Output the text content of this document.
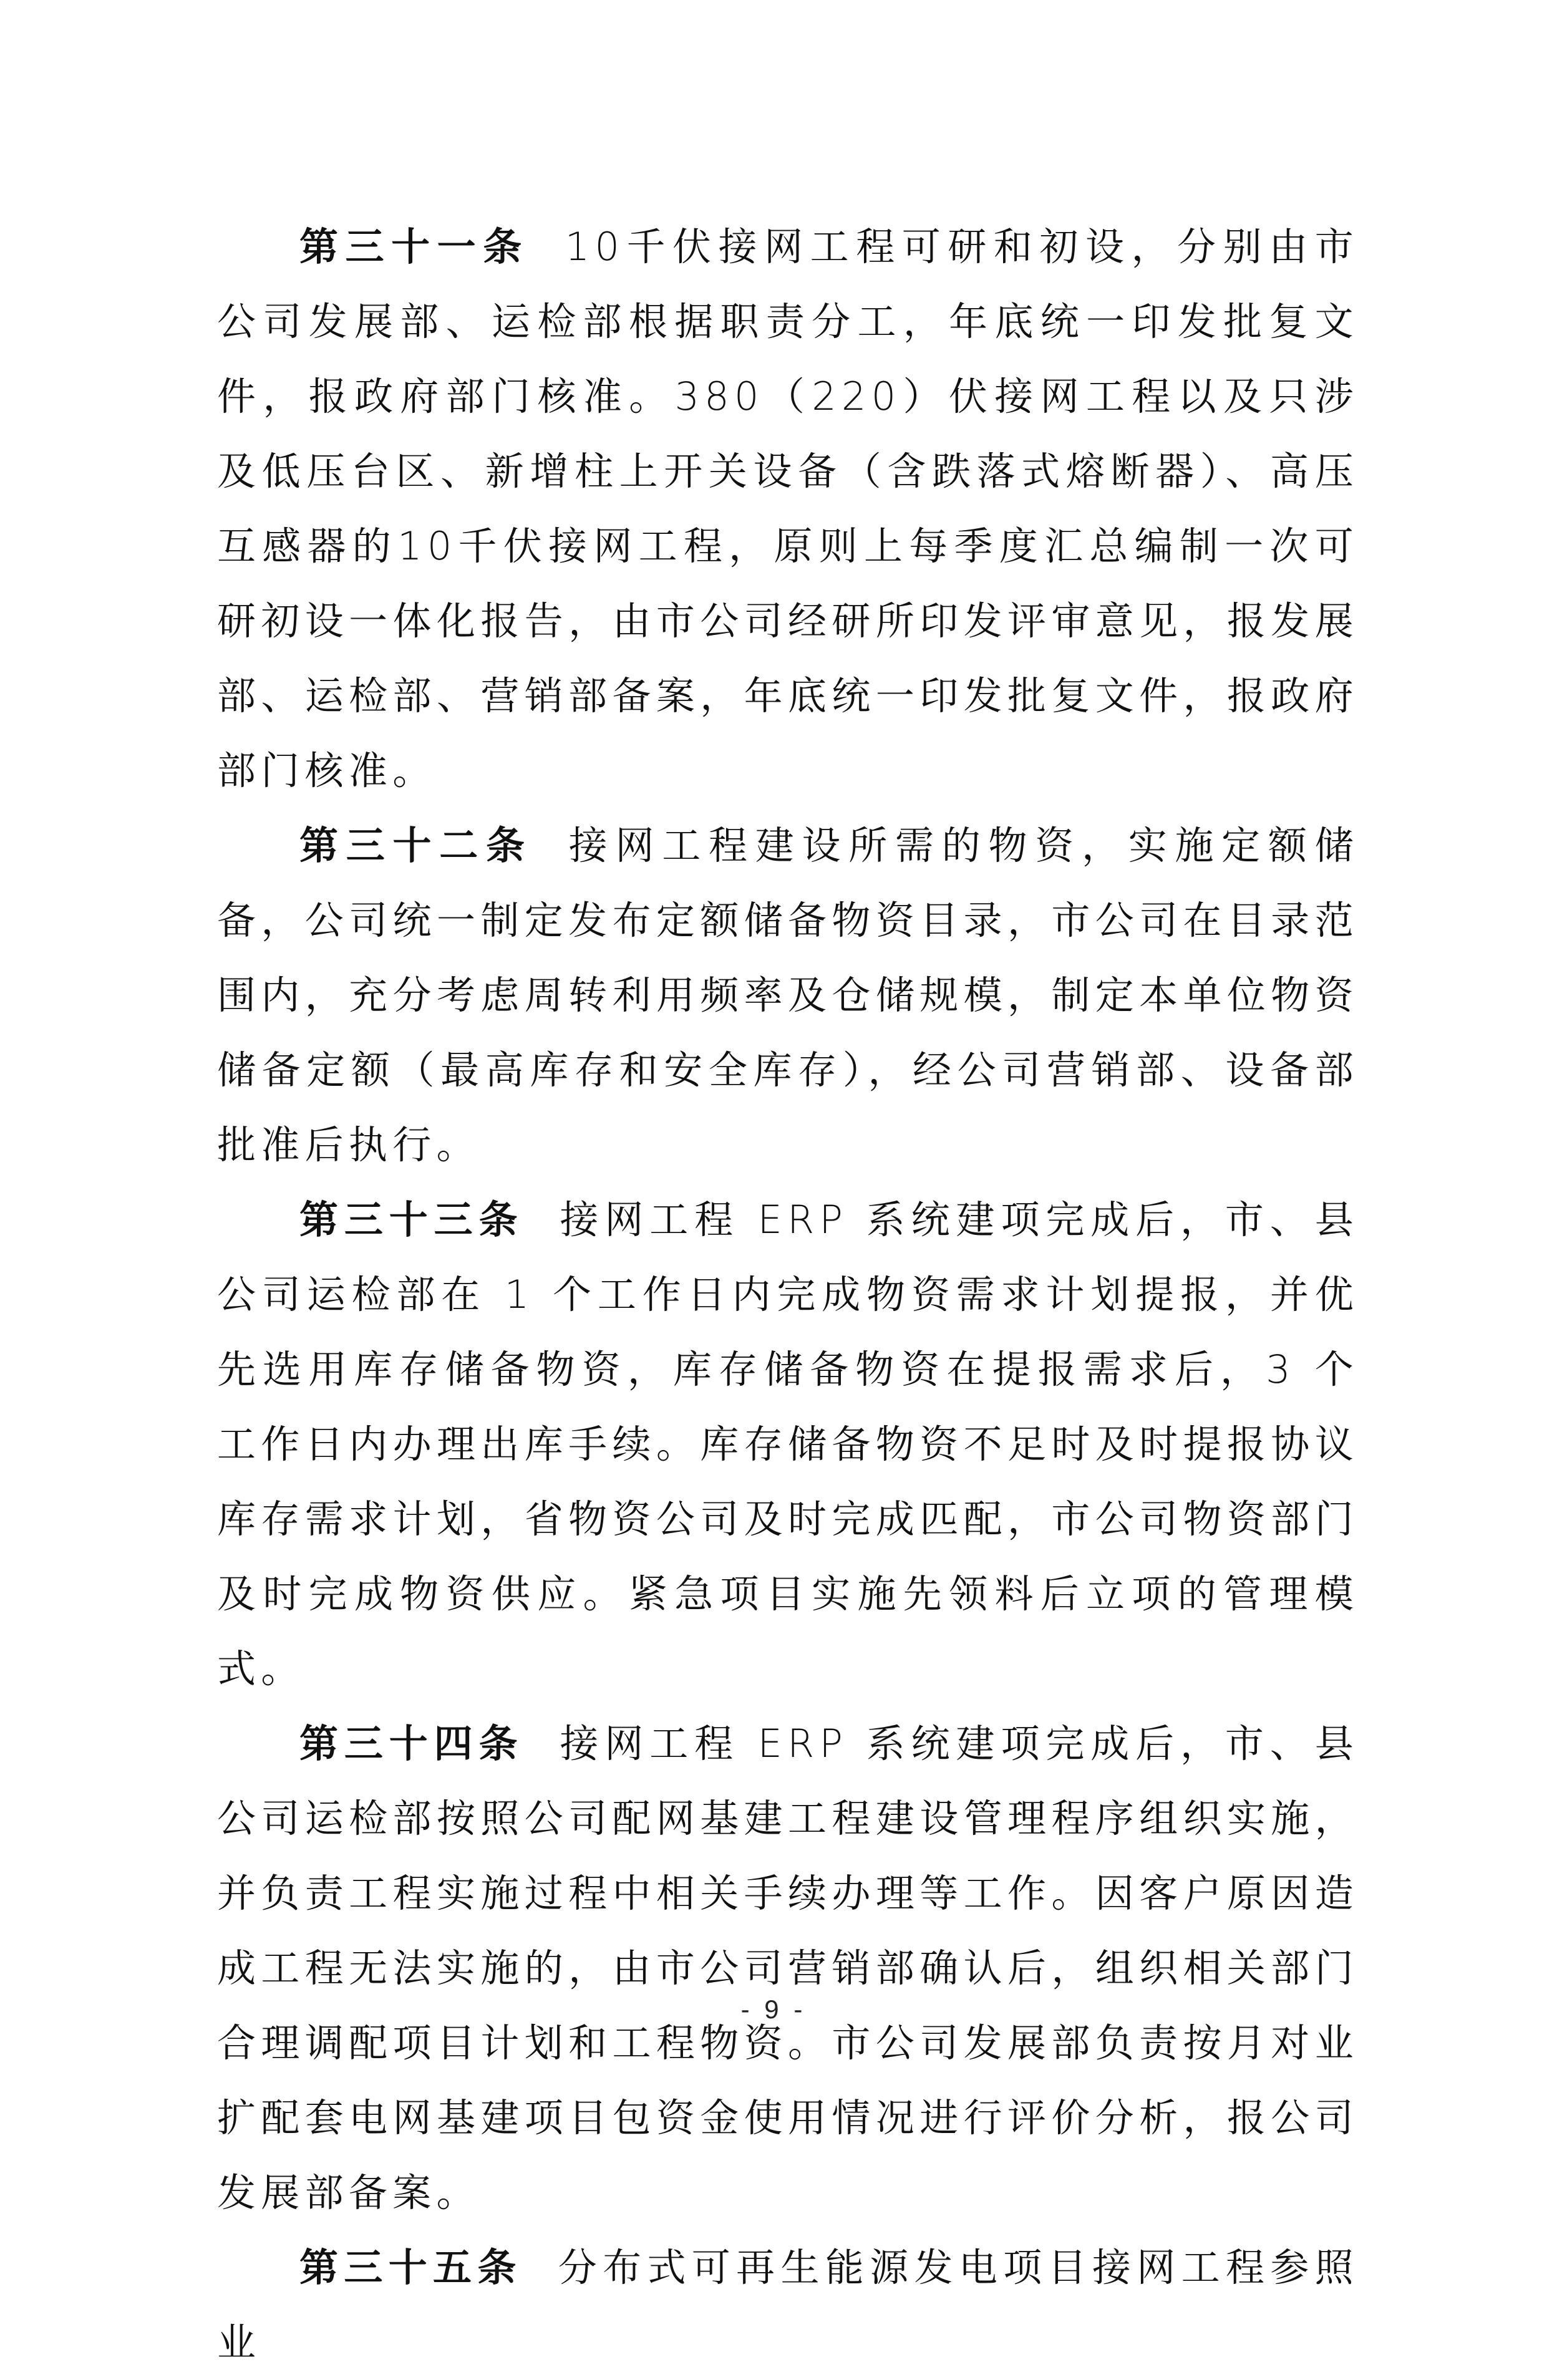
第三十一条 10千伏接网工程可研和初设，分别由市公司发展部、运检部根据职责分工，年底统一印发批复文件，报政府部门核准。380（220）伏接网工程以及只涉及低压台区、新增柱上开关设备（含跌落式熔断器）、高压互感器的10千伏接网工程，原则上每季度汇总编制一次可研初设一体化报告，由市公司经研所印发评审意见，报发展部、运检部、营销部备案，年底统一印发批复文件，报政府部门核准。

第三十二条 接网工程建设所需的物资，实施定额储备，公司统一制定发布定额储备物资目录，市公司在目录范围内，充分考虑周转利用频率及仓储规模，制定本单位物资储备定额（最高库存和安全库存），经公司营销部、设备部批准后执行。

第三十三条 接网工程 ERP 系统建项完成后，市、县公司运检部在 1 个工作日内完成物资需求计划提报，并优先选用库存储备物资，库存储备物资在提报需求后，3 个工作日内办理出库手续。库存储备物资不足时及时提报协议库存需求计划，省物资公司及时完成匹配，市公司物资部门及时完成物资供应。紧急项目实施先领料后立项的管理模式。

第三十四条 接网工程 ERP 系统建项完成后，市、县公司运检部按照公司配网基建工程建设管理程序组织实施，并负责工程实施过程中相关手续办理等工作。因客户原因造成工程无法实施的，由市公司营销部确认后，组织相关部门合理调配项目计划和工程物资。市公司发展部负责按月对业扩配套电网基建项目包资金使用情况进行评价分析，报公司发展部备案。

第三十五条 分布式可再生能源发电项目接网工程参照业

- 9 -
